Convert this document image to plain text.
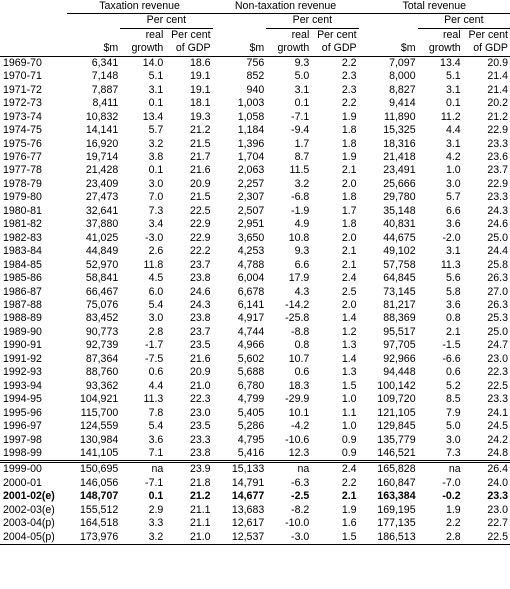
	Taxation revenue			Non-taxation revenue			Total revenue		
		Per cent			Per cent			Per cent	
		real	Per cent		real	Per cent		real	Per cent
	$m	growth	of GDP	$m	growth	of GDP	$m	growth	of GDP
1969-70	6,341	14.0	18.6	756	9.3	2.2	7,097	13.4	20.9
1970-71	7,148	5.1	19.1	852	5.0	2.3	8,000	5.1	21.4
1971-72	7,887	3.1	19.1	940	3.1	2.3	8,827	3.1	21.4
1972-73	8,411	0.1	18.1	1,003	0.1	2.2	9,414	0.1	20.2
1973-74	10,832	13.4	19.3	1,058	-7.1	1.9	11,890	11.2	21.2
1974-75	14,141	5.7	21.2	1,184	-9.4	1.8	15,325	4.4	22.9
1975-76	16,920	3.2	21.5	1,396	1.7	1.8	18,316	3.1	23.3
1976-77	19,714	3.8	21.7	1,704	8.7	1.9	21,418	4.2	23.6
1977-78	21,428	0.1	21.6	2,063	11.5	2.1	23,491	1.0	23.7
1978-79	23,409	3.0	20.9	2,257	3.2	2.0	25,666	3.0	22.9
1979-80	27,473	7.0	21.5	2,307	-6.8	1.8	29,780	5.7	23.3
1980-81	32,641	7.3	22.5	2,507	-1.9	1.7	35,148	6.6	24.3
1981-82	37,880	3.4	22.9	2,951	4.9	1.8	40,831	3.6	24.6
1982-83	41,025	-3.0	22.9	3,650	10.8	2.0	44,675	-2.0	25.0
1983-84	44,849	2.6	22.2	4,253	9.3	2.1	49,102	3.1	24.4
1984-85	52,970	11.8	23.7	4,788	6.6	2.1	57,758	11.3	25.8
1985-86	58,841	4.5	23.8	6,004	17.9	2.4	64,845	5.6	26.3
1986-87	66,467	6.0	24.6	6,678	4.3	2.5	73,145	5.8	27.0
1987-88	75,076	5.4	24.3	6,141	-14.2	2.0	81,217	3.6	26.3
1988-89	83,452	3.0	23.8	4,917	-25.8	1.4	88,369	0.8	25.3
1989-90	90,773	2.8	23.7	4,744	-8.8	1.2	95,517	2.1	25.0
1990-91	92,739	-1.7	23.5	4,966	0.8	1.3	97,705	-1.5	24.7
1991-92	87,364	-7.5	21.6	5,602	10.7	1.4	92,966	-6.6	23.0
1992-93	88,760	0.6	20.9	5,688	0.6	1.3	94,448	0.6	22.3
1993-94	93,362	4.4	21.0	6,780	18.3	1.5	100,142	5.2	22.5
1994-95	104,921	11.3	22.3	4,799	-29.9	1.0	109,720	8.5	23.3
1995-96	115,700	7.8	23.0	5,405	10.1	1.1	121,105	7.9	24.1
1996-97	124,559	5.4	23.5	5,286	-4.2	1.0	129,845	5.0	24.5
1997-98	130,984	3.6	23.3	4,795	-10.6	0.9	135,779	3.0	24.2
1998-99	141,105	7.1	23.8	5,416	12.3	0.9	146,521	7.3	24.8
1999-00	150,695	na	23.9	15,133	na	2.4	165,828	na	26.4
2000-01	146,056	-7.1	21.8	14,791	-6.3	2.2	160,847	-7.0	24.0
2001-02(e)	148,707	0.1	21.2	14,677	-2.5	2.1	163,384	-0.2	23.3
2002-03(e)	155,512	2.9	21.1	13,683	-8.2	1.9	169,195	1.9	23.0
2003-04(p)	164,518	3.3	21.1	12,617	-10.0	1.6	177,135	2.2	22.7
2004-05(p)	173,976	3.2	21.0	12,537	-3.0	1.5	186,513	2.8	22.5
